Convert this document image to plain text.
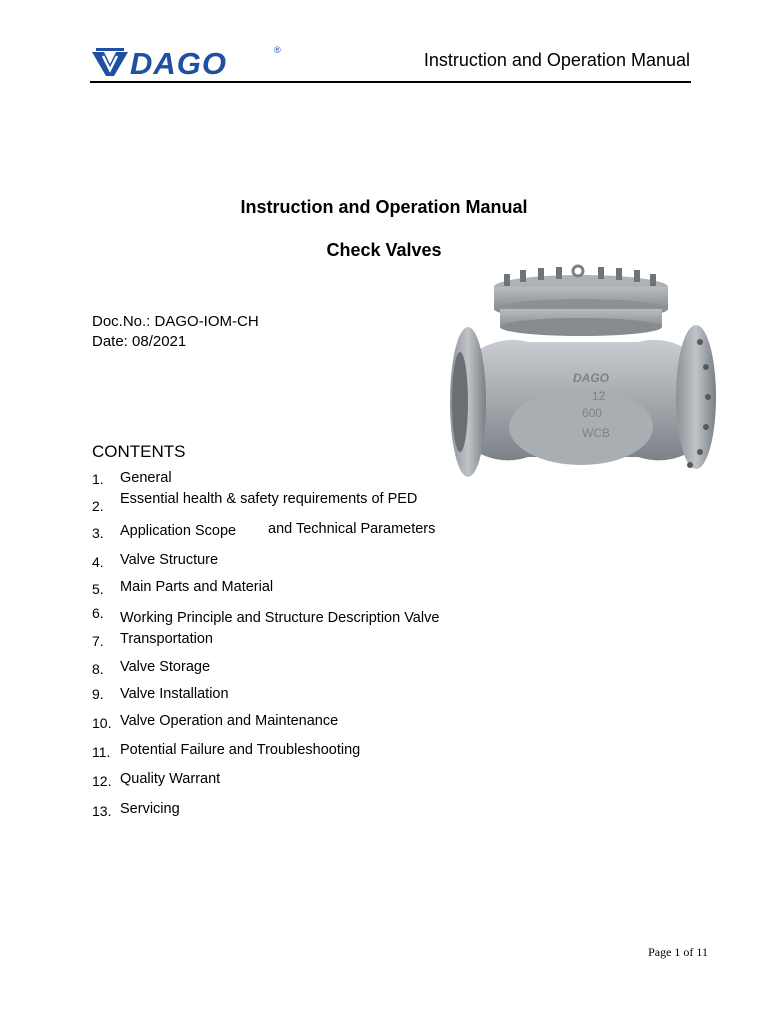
DAGO	®	Instruction and Operation Manual
Instruction and Operation Manual
Check Valves
Doc.No.: DAGO-IOM-CH
Date: 08/2021
DAGO
12
600
WCB
CONTENTS
1. General
2. Essential health & safety requirements of PED
3. Application Scope and Technical Parameters
4. Valve Structure
5. Main Parts and Material
6. Working Principle and Structure Description Valve
7. Transportation
8. Valve Storage
9. Valve Installation
10. Valve Operation and Maintenance
11. Potential Failure and Troubleshooting
12. Quality Warrant
13. Servicing
Page 1 of 11
